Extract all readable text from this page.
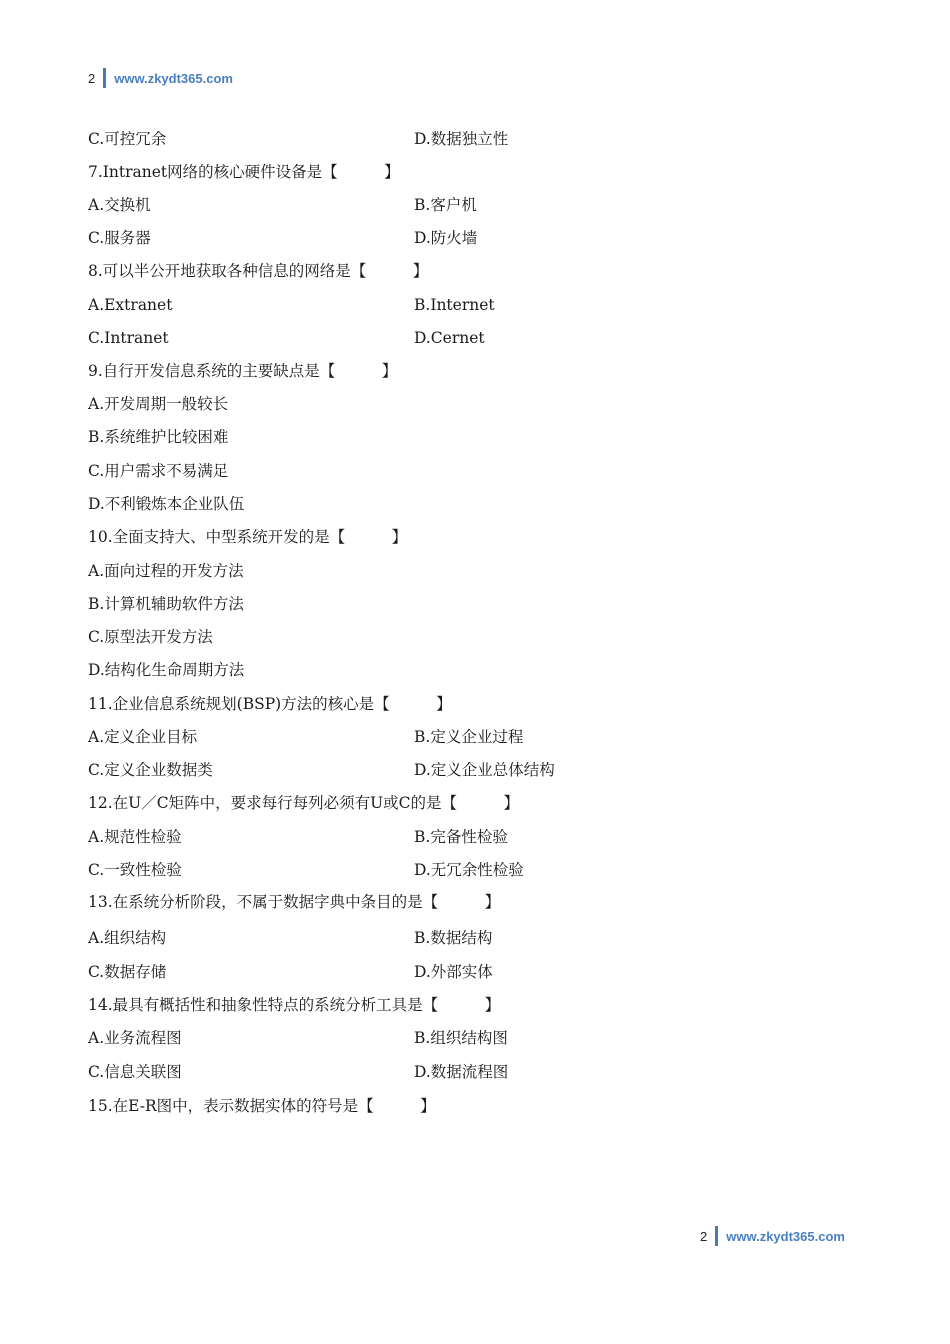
2 www.zkydt365.com
C.可控冗余	D.数据独立性
7.Intranet网络的核心硬件设备是【　　　】
A.交换机	B.客户机
C.服务器	D.防火墙
8.可以半公开地获取各种信息的网络是【　　　】
A.Extranet	B.Internet
C.Intranet	D.Cernet
9.自行开发信息系统的主要缺点是【　　　】
A.开发周期一般较长
B.系统维护比较困难
C.用户需求不易满足
D.不利锻炼本企业队伍
10.全面支持大、中型系统开发的是【　　　】
A.面向过程的开发方法
B.计算机辅助软件方法
C.原型法开发方法
D.结构化生命周期方法
11.企业信息系统规划(BSP)方法的核心是【　　　】
A.定义企业目标	B.定义企业过程
C.定义企业数据类	D.定义企业总体结构
12.在U／C矩阵中，要求每行每列必须有U或C的是【　　　】
A.规范性检验	B.完备性检验
C.一致性检验	D.无冗余性检验
13.在系统分析阶段，不属于数据字典中条目的是【　　　】
A.组织结构	B.数据结构
C.数据存储	D.外部实体
14.最具有概括性和抽象性特点的系统分析工具是【　　　】
A.业务流程图	B.组织结构图
C.信息关联图	D.数据流程图
15.在E-R图中，表示数据实体的符号是【　　　】
2 www.zkydt365.com
